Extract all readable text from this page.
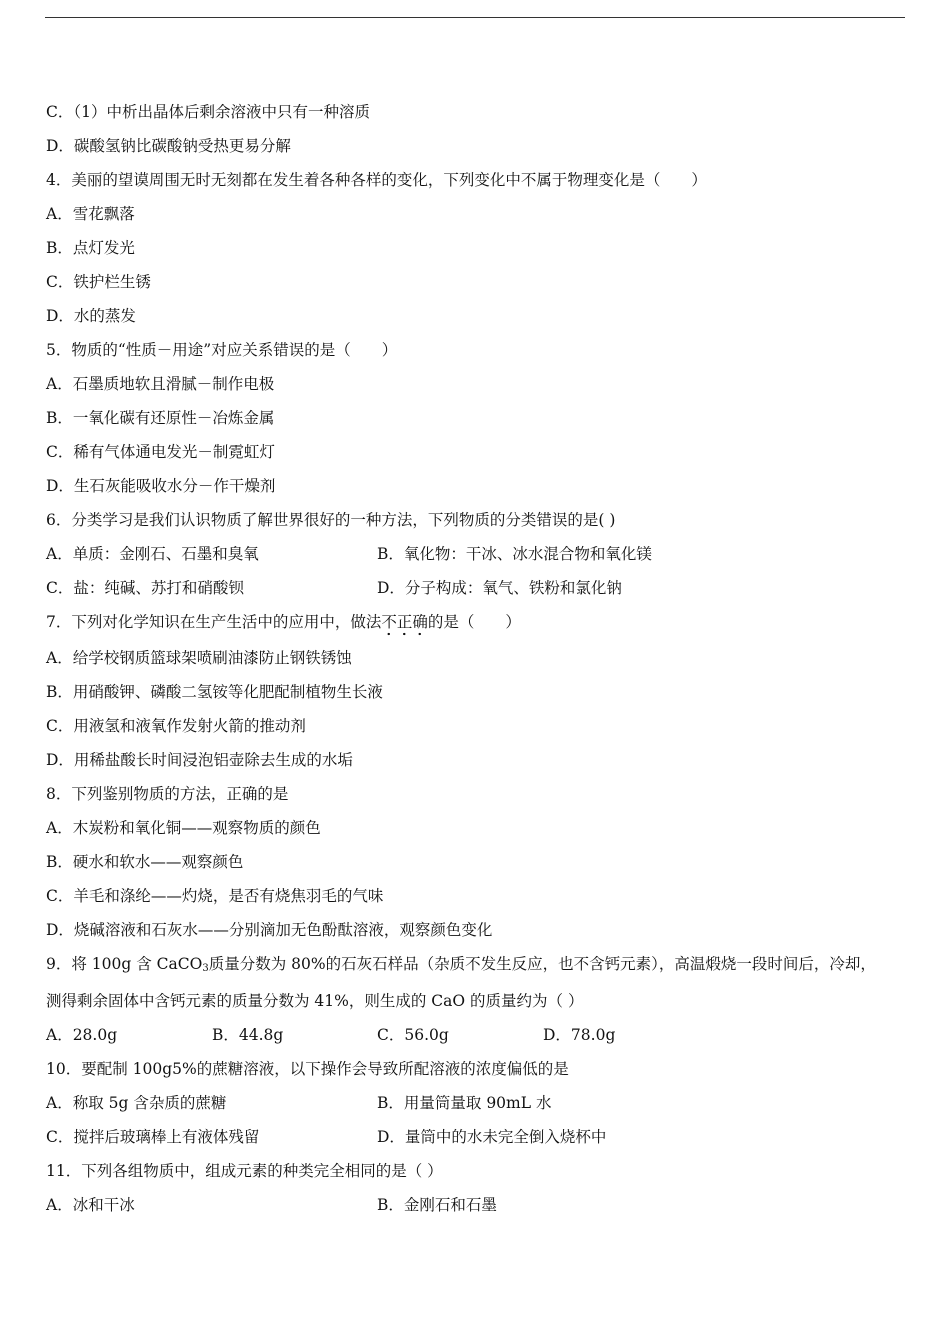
C．（1）中析出晶体后剩余溶液中只有一种溶质
D．碳酸氢钠比碳酸钠受热更易分解
4．美丽的望谟周围无时无刻都在发生着各种各样的变化，下列变化中不属于物理变化是（　　）
A．雪花飘落
B．点灯发光
C．铁护栏生锈
D．水的蒸发
5．物质的“性质－用途”对应关系错误的是（　　）
A．石墨质地软且滑腻－制作电极
B．一氧化碳有还原性－冶炼金属
C．稀有气体通电发光－制霓虹灯
D．生石灰能吸收水分－作干燥剂
6．分类学习是我们认识物质了解世界很好的一种方法，下列物质的分类错误的是( )
A．单质：金刚石、石墨和臭氧	B．氧化物：干冰、冰水混合物和氧化镁
C．盐：纯碱、苏打和硝酸钡	D．分子构成：氧气、铁粉和氯化钠
7．下列对化学知识在生产生活中的应用中，做法不正确的是（　　）
A．给学校钢质篮球架喷刷油漆防止钢铁锈蚀
B．用硝酸钾、磷酸二氢铵等化肥配制植物生长液
C．用液氢和液氧作发射火箭的推动剂
D．用稀盐酸长时间浸泡铝壶除去生成的水垢
8．下列鉴别物质的方法，正确的是
A．木炭粉和氧化铜——观察物质的颜色
B．硬水和软水——观察颜色
C．羊毛和涤纶——灼烧，是否有烧焦羽毛的气味
D．烧碱溶液和石灰水——分别滴加无色酚酞溶液，观察颜色变化
9．将 100g 含 CaCO$_3$质量分数为 80%的石灰石样品（杂质不发生反应，也不含钙元素），高温煅烧一段时间后，冷却，
测得剩余固体中含钙元素的质量分数为 41%，则生成的 CaO 的质量约为（ ）
A．28.0g	B．44.8g	C．56.0g	D．78.0g
10．要配制 100g5%的蔗糖溶液，以下操作会导致所配溶液的浓度偏低的是
A．称取 5g 含杂质的蔗糖	B．用量筒量取 90mL 水
C．搅拌后玻璃棒上有液体残留	D．量筒中的水未完全倒入烧杯中
11．下列各组物质中，组成元素的种类完全相同的是（ ）
A．冰和干冰	B．金刚石和石墨
